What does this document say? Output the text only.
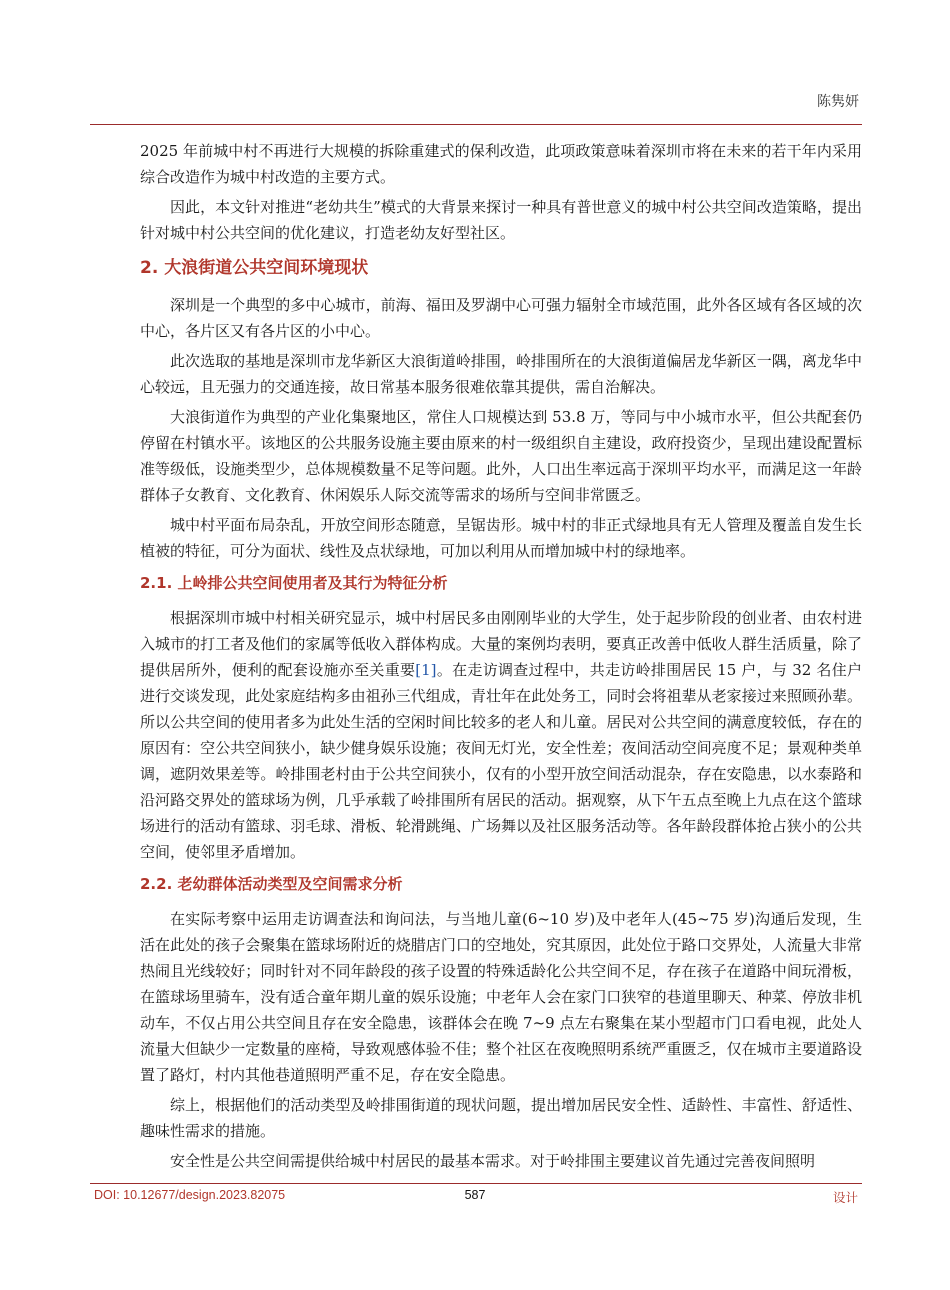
陈隽妍

2025 年前城中村不再进行大规模的拆除重建式的保利改造，此项政策意味着深圳市将在未来的若干年内采用综合改造作为城中村改造的主要方式。

因此，本文针对推进“老幼共生”模式的大背景来探讨一种具有普世意义的城中村公共空间改造策略，提出针对城中村公共空间的优化建议，打造老幼友好型社区。

2. 大浪街道公共空间环境现状

深圳是一个典型的多中心城市，前海、福田及罗湖中心可强力辐射全市域范围，此外各区域有各区域的次中心，各片区又有各片区的小中心。

此次选取的基地是深圳市龙华新区大浪街道岭排围，岭排围所在的大浪街道偏居龙华新区一隅，离龙华中心较远，且无强力的交通连接，故日常基本服务很难依靠其提供，需自治解决。

大浪街道作为典型的产业化集聚地区，常住人口规模达到 53.8 万，等同与中小城市水平，但公共配套仍停留在村镇水平。该地区的公共服务设施主要由原来的村一级组织自主建设，政府投资少，呈现出建设配置标准等级低，设施类型少，总体规模数量不足等问题。此外，人口出生率远高于深圳平均水平，而满足这一年龄群体子女教育、文化教育、休闲娱乐人际交流等需求的场所与空间非常匮乏。

城中村平面布局杂乱，开放空间形态随意，呈锯齿形。城中村的非正式绿地具有无人管理及覆盖自发生长植被的特征，可分为面状、线性及点状绿地，可加以利用从而增加城中村的绿地率。

2.1. 上岭排公共空间使用者及其行为特征分析

根据深圳市城中村相关研究显示，城中村居民多由刚刚毕业的大学生，处于起步阶段的创业者、由农村进入城市的打工者及他们的家属等低收入群体构成。大量的案例均表明，要真正改善中低收人群生活质量，除了提供居所外，便利的配套设施亦至关重要[1]。在走访调查过程中，共走访岭排围居民 15 户，与 32 名住户进行交谈发现，此处家庭结构多由祖孙三代组成，青壮年在此处务工，同时会将祖辈从老家接过来照顾孙辈。所以公共空间的使用者多为此处生活的空闲时间比较多的老人和儿童。居民对公共空间的满意度较低，存在的原因有：空公共空间狭小，缺少健身娱乐设施；夜间无灯光，安全性差；夜间活动空间亮度不足；景观种类单调，遮阴效果差等。岭排围老村由于公共空间狭小，仅有的小型开放空间活动混杂，存在安隐患，以水泰路和沿河路交界处的篮球场为例，几乎承载了岭排围所有居民的活动。据观察，从下午五点至晚上九点在这个篮球场进行的活动有篮球、羽毛球、滑板、轮滑跳绳、广场舞以及社区服务活动等。各年龄段群体抢占狭小的公共空间，使邻里矛盾增加。

2.2. 老幼群体活动类型及空间需求分析

在实际考察中运用走访调查法和询问法，与当地儿童(6~10 岁)及中老年人(45~75 岁)沟通后发现，生活在此处的孩子会聚集在篮球场附近的烧腊店门口的空地处，究其原因，此处位于路口交界处，人流量大非常热闹且光线较好；同时针对不同年龄段的孩子设置的特殊适龄化公共空间不足，存在孩子在道路中间玩滑板，在篮球场里骑车，没有适合童年期儿童的娱乐设施；中老年人会在家门口狭窄的巷道里聊天、种菜、停放非机动车，不仅占用公共空间且存在安全隐患，该群体会在晚 7~9 点左右聚集在某小型超市门口看电视，此处人流量大但缺少一定数量的座椅，导致观感体验不佳；整个社区在夜晚照明系统严重匮乏，仅在城市主要道路设置了路灯，村内其他巷道照明严重不足，存在安全隐患。

综上，根据他们的活动类型及岭排围街道的现状问题，提出增加居民安全性、适龄性、丰富性、舒适性、趣味性需求的措施。

安全性是公共空间需提供给城中村居民的最基本需求。对于岭排围主要建议首先通过完善夜间照明

DOI: 10.12677/design.2023.82075	587	设计
